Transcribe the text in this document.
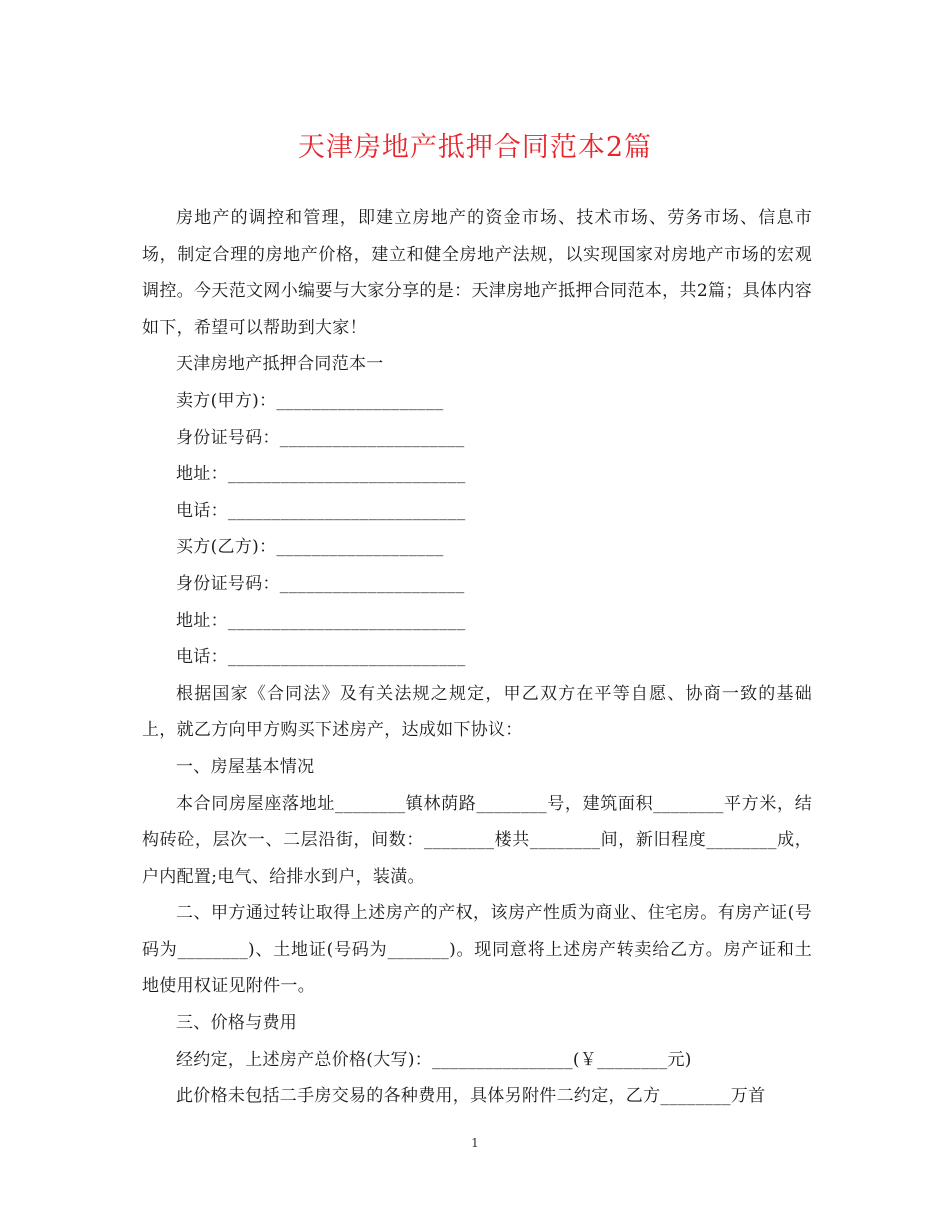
天津房地产抵押合同范本2篇

房地产的调控和管理，即建立房地产的资金市场、技术市场、劳务市场、信息市场，制定合理的房地产价格，建立和健全房地产法规，以实现国家对房地产市场的宏观调控。今天范文网小编要与大家分享的是：天津房地产抵押合同范本，共2篇；具体内容如下，希望可以帮助到大家！

天津房地产抵押合同范本一

卖方(甲方)：___________________

身份证号码：_____________________

地址：___________________________

电话：___________________________

买方(乙方)：___________________

身份证号码：_____________________

地址：___________________________

电话：___________________________

根据国家《合同法》及有关法规之规定，甲乙双方在平等自愿、协商一致的基础上，就乙方向甲方购买下述房产，达成如下协议：

一、房屋基本情况

本合同房屋座落地址________镇林荫路________号，建筑面积________平方米，结构砖砼，层次一、二层沿街，间数：________楼共________间，新旧程度________成，户内配置;电气、给排水到户，装潢。

二、甲方通过转让取得上述房产的产权，该房产性质为商业、住宅房。有房产证(号码为________)、土地证(号码为_______)。现同意将上述房产转卖给乙方。房产证和土地使用权证见附件一。

三、价格与费用

经约定，上述房产总价格(大写)：________________(￥________元)

此价格未包括二手房交易的各种费用，具体另附件二约定，乙方________万首

1
